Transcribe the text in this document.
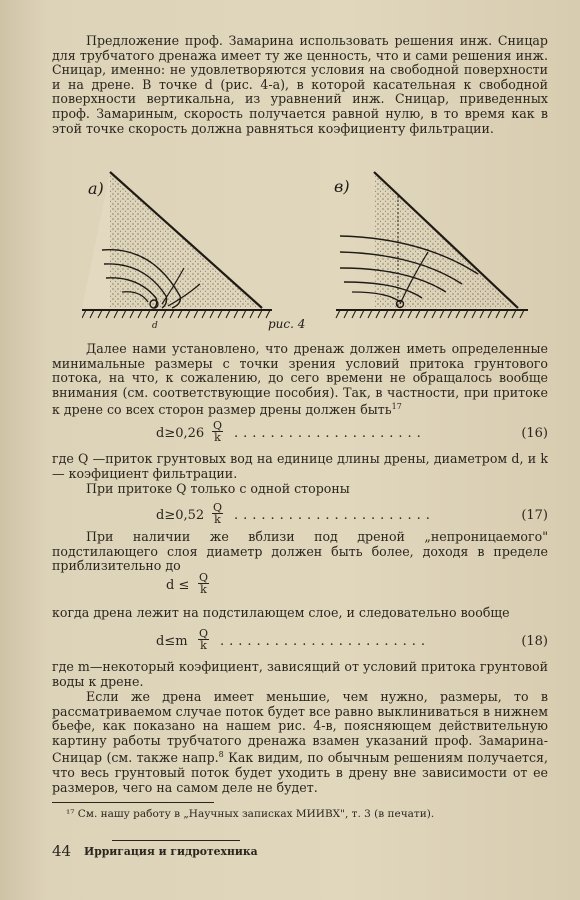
Предложение проф. Замарина использовать решения инж. Сницар для трубчатого дренажа имеет ту же ценность, что и сами решения инж. Сницар, именно: не удовлетворяются условия на свободной поверхности и на дрене. В точке d (рис. 4-а), в которой касательная к свободной поверхности вертикальна, из уравнений инж. Сницар, приведенных проф. Замариным, скорость получается равной нулю, в то время как в этой точке скорость должна равняться коэфициенту фильтрации.

а)
d	рис. 4
в)

Далее нами установлено, что дренаж должен иметь определенные минимальные размеры с точки зрения условий притока грунтового потока, на что, к сожалению, до сего времени не обращалось вообще внимания (см. соответствующие пособия). Так, в частности, при притоке к дрене со всех сторон размер дрены должен быть$^{17}$

$d\ge 0,26 \frac{Q}{k}$ .....................	(16)

где Q —приток грунтовых вод на единице длины дрены, диаметром d, и k — коэфициент фильтрации.

При притоке Q только с одной стороны

$d\ge 0,52 \frac{Q}{k}$ ......................	(17)

При наличии же вблизи под дреной „непроницаемого" подстилающего слоя диаметр должен быть более, доходя в пределе приблизительно до

$d \le \frac{Q}{k}$

когда дрена лежит на подстилающем слое, и следовательно вообще

$d\le m \frac{Q}{k}$ .......................	(18)

где m—некоторый коэфициент, зависящий от условий притока грунтовой воды к дрене.

Если же дрена имеет меньшие, чем нужно, размеры, то в рассматриваемом случае поток будет все равно выклиниваться в нижнем бьефе, как показано на нашем рис. 4-в, поясняющем действительную картину работы трубчатого дренажа взамен указаний проф. Замарина-Сницар (см. также напр.$^8$ Как видим, по обычным решениям получается, что весь грунтовый поток будет уходить в дрену вне зависимости от ее размеров, чего на самом деле не будет.

¹⁷ См. нашу работу в „Научных записках МИИВХ", т. 3 (в печати).
44 Ирригация и гидротехника
